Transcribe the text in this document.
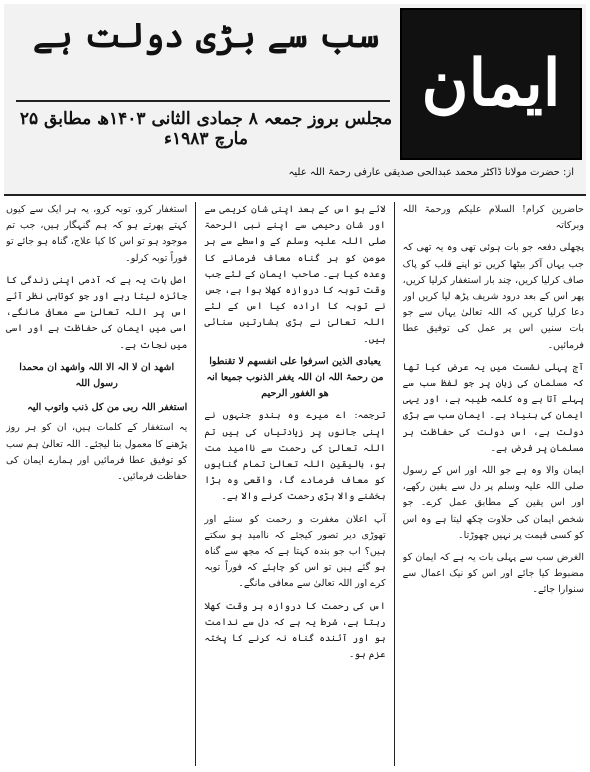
ایمان
سب سے بڑی دولت ہے
مجلس بروز جمعہ ۸ جمادی الثانی ۱۴۰۳ھ مطابق ۲۵ مارچ ۱۹۸۳ء
از: حضرت مولانا ڈاکٹر محمد عبدالحی صدیقی عارفی رحمۃ اللہ علیہ

حاضرین کرام! السلام علیکم ورحمۃ اللہ وبرکاتہ

پچھلی دفعہ جو بات ہوئی تھی وہ یہ تھی کہ جب یہاں آکر بیٹھا کریں تو اپنے قلب کو پاک صاف کرلیا کریں، چند بار استغفار کرلیا کریں، پھر اس کے بعد درود شریف پڑھ لیا کریں اور دعا کرلیا کریں کہ اللہ تعالیٰ یہاں سے جو بات سنیں اس پر عمل کی توفیق عطا فرمائیں۔

آج پہلی نشست میں یہ عرض کیا تھا کہ مسلمان کی زبان پر جو لفظ سب سے پہلے آتا ہے وہ کلمہ طیبہ ہے، اور یہی ایمان کی بنیاد ہے۔ ایمان سب سے بڑی دولت ہے، اس دولت کی حفاظت ہر مسلمان پر فرض ہے۔

ایمان والا وہ ہے جو اللہ اور اس کے رسول صلی اللہ علیہ وسلم پر دل سے یقین رکھے، اور اس یقین کے مطابق عمل کرے۔ جو شخص ایمان کی حلاوت چکھ لیتا ہے وہ اس کو کسی قیمت پر نہیں چھوڑتا۔

الغرض سب سے پہلی بات یہ ہے کہ ایمان کو مضبوط کیا جائے اور اس کو نیک اعمال سے سنوارا جائے۔

لائے ہو اس کے بعد اپنی شان کریمی سے اور شان رحیمی سے اپنے نبی الرحمۃ صلی اللہ علیہ وسلم کے واسطے سے ہر مومن کو ہر گناہ معاف فرمانے کا وعدہ کیا ہے۔ صاحب ایمان کے لئے جب وقت توبہ کا دروازہ کھلا ہوا ہے، جس نے توبہ کا ارادہ کیا اس کے لئے اللہ تعالیٰ نے بڑی بشارتیں سنائی ہیں۔

یعبادی الذین اسرفوا علی انفسھم لا تقنطوا من رحمۃ اللہ ان اللہ یغفر الذنوب جمیعا انہ ھو الغفور الرحیم

ترجمہ: اے میرے وہ بندو جنہوں نے اپنی جانوں پر زیادتیاں کی ہیں تم اللہ تعالیٰ کی رحمت سے ناامید مت ہو، بالیقین اللہ تعالیٰ تمام گناہوں کو معاف فرمادے گا، واقعی وہ بڑا بخشنے والا بڑی رحمت کرنے والا ہے۔

آپ اعلان مغفرت و رحمت کو سنئے اور تھوڑی دیر تصور کیجئے کہ ناامید ہو سکتے ہیں؟ اب جو بندہ کہتا ہے کہ مجھ سے گناہ ہو گئے ہیں تو اس کو چاہئے کہ فوراً توبہ کرے اور اللہ تعالیٰ سے معافی مانگے۔

اس کی رحمت کا دروازہ ہر وقت کھلا رہتا ہے، شرط یہ ہے کہ دل سے ندامت ہو اور آئندہ گناہ نہ کرنے کا پختہ عزم ہو۔

استغفار کرو، توبہ کرو، یہ ہر ایک سے کیوں کہتے پھرتے ہو کہ ہم گنہگار ہیں، جب تم موجود ہو تو اس کا کیا علاج، گناہ ہو جائے تو فوراً توبہ کرلو۔

اصل بات یہ ہے کہ آدمی اپنی زندگی کا جائزہ لیتا رہے اور جو کوتاہی نظر آئے اس پر اللہ تعالیٰ سے معافی مانگے، اسی میں ایمان کی حفاظت ہے اور اسی میں نجات ہے۔

اشھد ان لا الہ الا اللہ واشھد ان محمدا رسول اللہ

استغفر اللہ ربی من کل ذنب واتوب الیہ

یہ استغفار کے کلمات ہیں، ان کو ہر روز پڑھنے کا معمول بنا لیجئے۔ اللہ تعالیٰ ہم سب کو توفیق عطا فرمائیں اور ہمارے ایمان کی حفاظت فرمائیں۔
